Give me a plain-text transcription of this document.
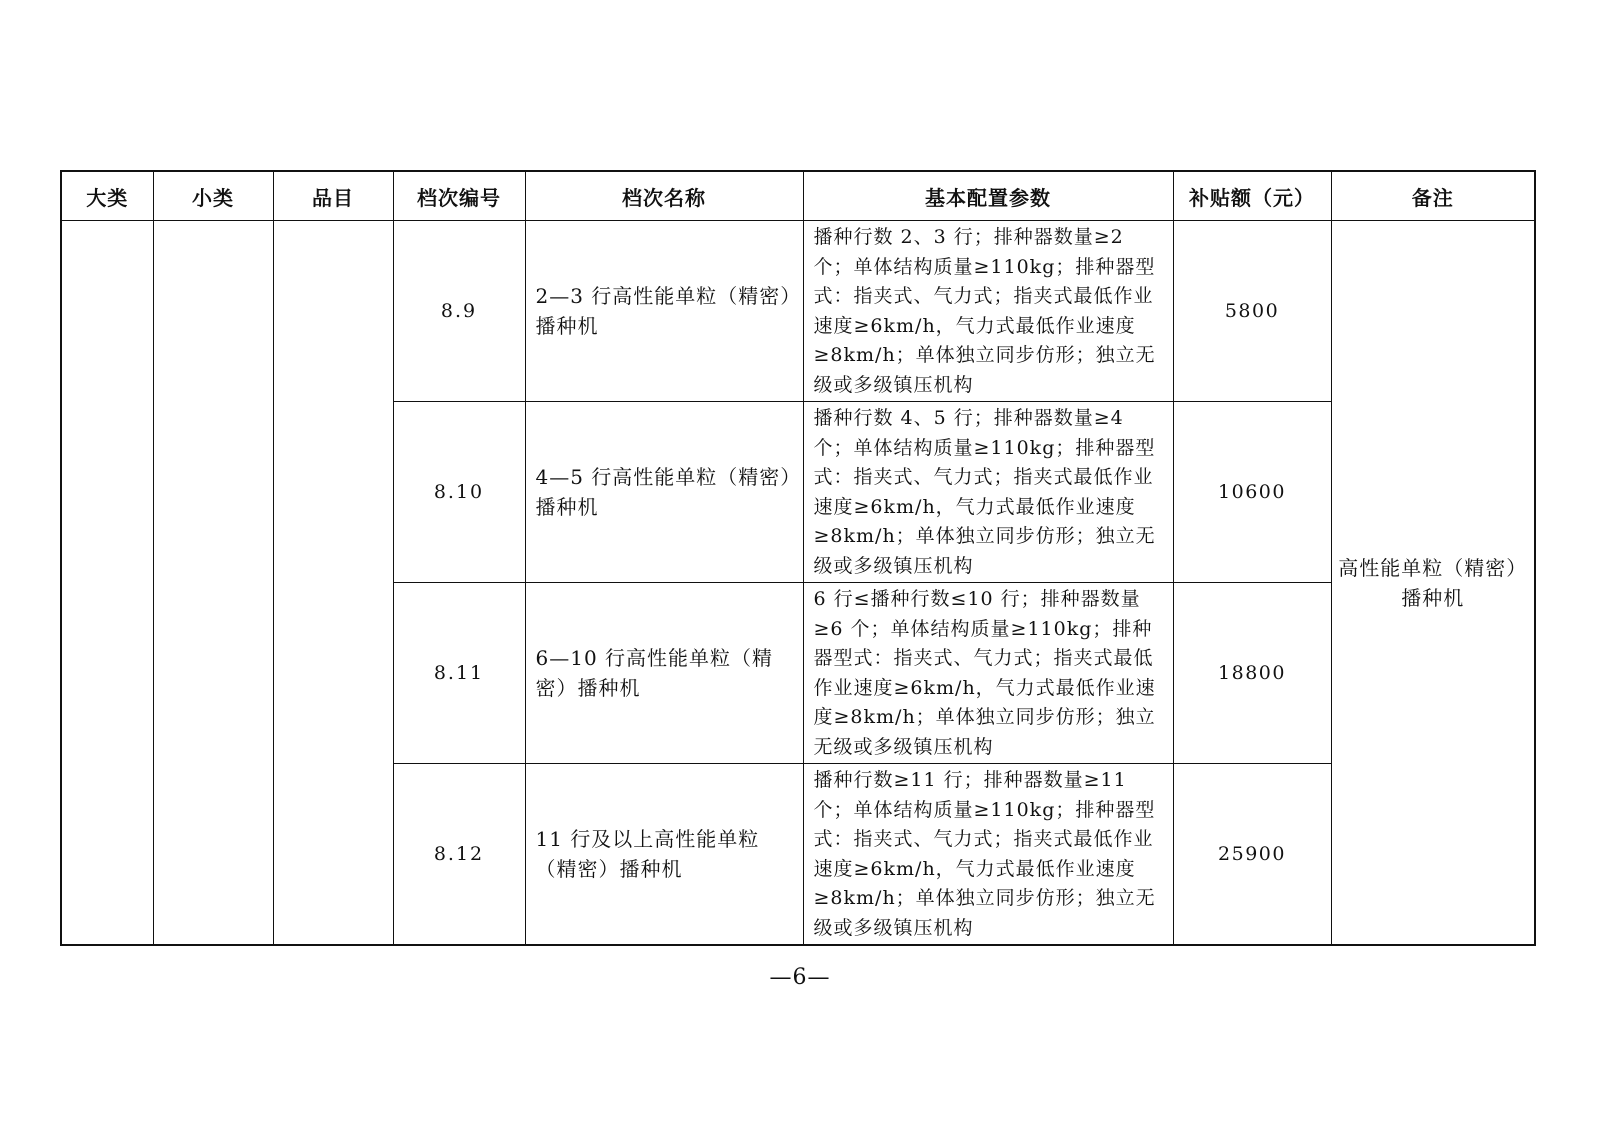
大类	小类	品目	档次编号	档次名称	基本配置参数	补贴额（元）	备注
			8.9	2—3 行高性能单粒（精密）播种机	播种行数 2、3 行；排种器数量≥2 个；单体结构质量≥110kg；排种器型式：指夹式、气力式；指夹式最低作业速度≥6km/h，气力式最低作业速度≥8km/h；单体独立同步仿形；独立无级或多级镇压机构	5800	高性能单粒（精密）播种机
			8.10	4—5 行高性能单粒（精密）播种机	播种行数 4、5 行；排种器数量≥4 个；单体结构质量≥110kg；排种器型式：指夹式、气力式；指夹式最低作业速度≥6km/h，气力式最低作业速度≥8km/h；单体独立同步仿形；独立无级或多级镇压机构	10600	
			8.11	6—10 行高性能单粒（精密）播种机	6 行≤播种行数≤10 行；排种器数量≥6 个；单体结构质量≥110kg；排种器型式：指夹式、气力式；指夹式最低作业速度≥6km/h，气力式最低作业速度≥8km/h；单体独立同步仿形；独立无级或多级镇压机构	18800	
			8.12	11 行及以上高性能单粒（精密）播种机	播种行数≥11 行；排种器数量≥11 个；单体结构质量≥110kg；排种器型式：指夹式、气力式；指夹式最低作业速度≥6km/h，气力式最低作业速度≥8km/h；单体独立同步仿形；独立无级或多级镇压机构	25900	
—6—
